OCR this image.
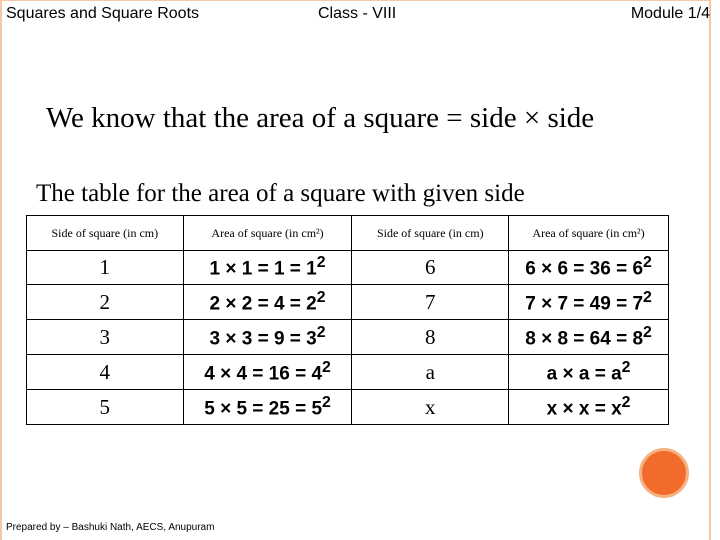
Squares and Square Roots	Class - VIII	Module 1/4
We know that the area of a square = side × side
The table for the area of a square with given side
Side of square (in cm)	Area of square (in cm²)	Side of square (in cm)	Area of square (in cm²)
1	$1 \times 1 = 1 = 1^2$	6	$6 \times 6 = 36 = 6^2$
2	$2 \times 2 = 4 = 2^2$	7	$7 \times 7 = 49 = 7^2$
3	$3 \times 3 = 9 = 3^2$	8	$8 \times 8 = 64 = 8^2$
4	$4 \times 4 = 16 = 4^2$	a	$a \times a = a^2$
5	$5 \times 5 = 25 = 5^2$	x	$x \times x = x^2$
Prepared by – Bashuki Nath, AECS, Anupuram
